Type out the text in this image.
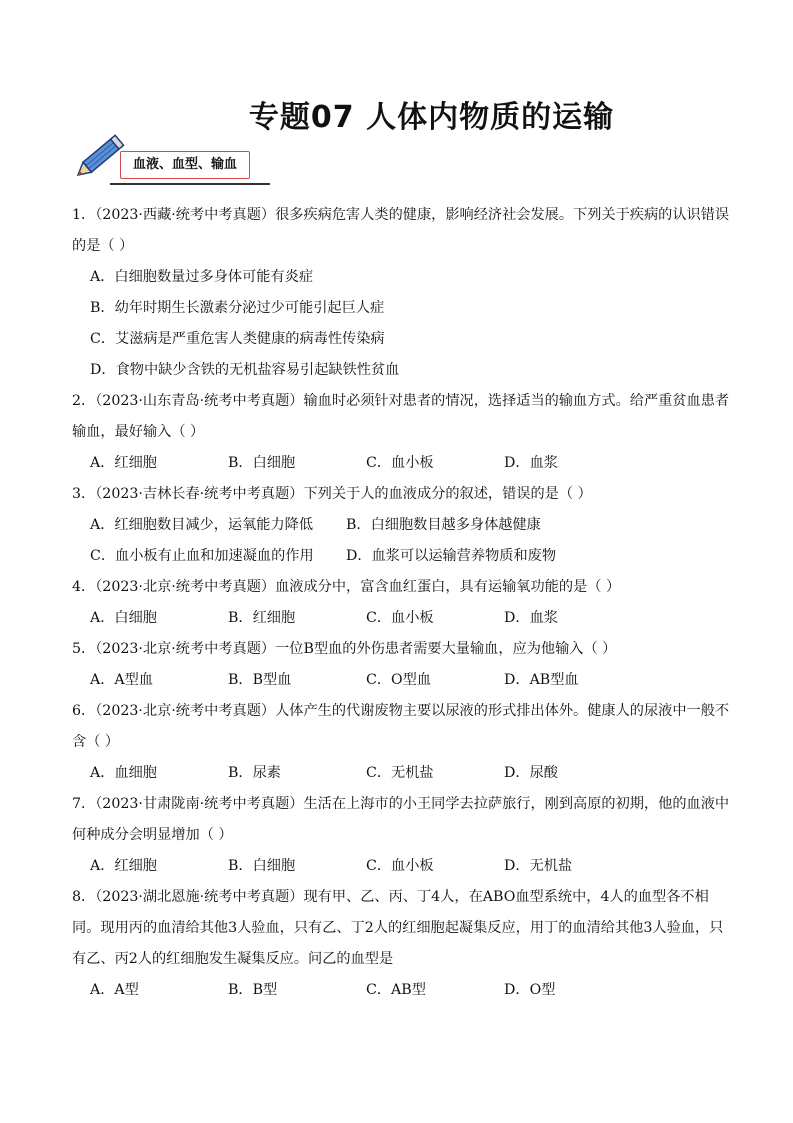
专题07 人体内物质的运输
血液、血型、输血

1．（2023·西藏·统考中考真题）很多疾病危害人类的健康，影响经济社会发展。下列关于疾病的认识错误的是（ ）

A．白细胞数量过多身体可能有炎症

B．幼年时期生长激素分泌过少可能引起巨人症

C．艾滋病是严重危害人类健康的病毒性传染病

D．食物中缺少含铁的无机盐容易引起缺铁性贫血

2．（2023·山东青岛·统考中考真题）输血时必须针对患者的情况，选择适当的输血方式。给严重贫血患者输血，最好输入（ ）

A．红细胞	B．白细胞	C．血小板	D．血浆

3．（2023·吉林长春·统考中考真题）下列关于人的血液成分的叙述，错误的是（ ）

A．红细胞数目减少，运氧能力降低	B．白细胞数目越多身体越健康
C．血小板有止血和加速凝血的作用	D．血浆可以运输营养物质和废物

4．（2023·北京·统考中考真题）血液成分中，富含血红蛋白，具有运输氧功能的是（ ）

A．白细胞	B．红细胞	C．血小板	D．血浆

5．（2023·北京·统考中考真题）一位B型血的外伤患者需要大量输血，应为他输入（ ）

A．A型血	B．B型血	C．O型血	D．AB型血

6．（2023·北京·统考中考真题）人体产生的代谢废物主要以尿液的形式排出体外。健康人的尿液中一般不含（ ）

A．血细胞	B．尿素	C．无机盐	D．尿酸

7．（2023·甘肃陇南·统考中考真题）生活在上海市的小王同学去拉萨旅行，刚到高原的初期，他的血液中何种成分会明显增加（ ）

A．红细胞	B．白细胞	C．血小板	D．无机盐

8．（2023·湖北恩施·统考中考真题）现有甲、乙、丙、丁4人，在ABO血型系统中，4人的血型各不相同。现用丙的血清给其他3人验血，只有乙、丁2人的红细胞起凝集反应，用丁的血清给其他3人验血，只有乙、丙2人的红细胞发生凝集反应。问乙的血型是

A．A型	B．B型	C．AB型	D．O型
